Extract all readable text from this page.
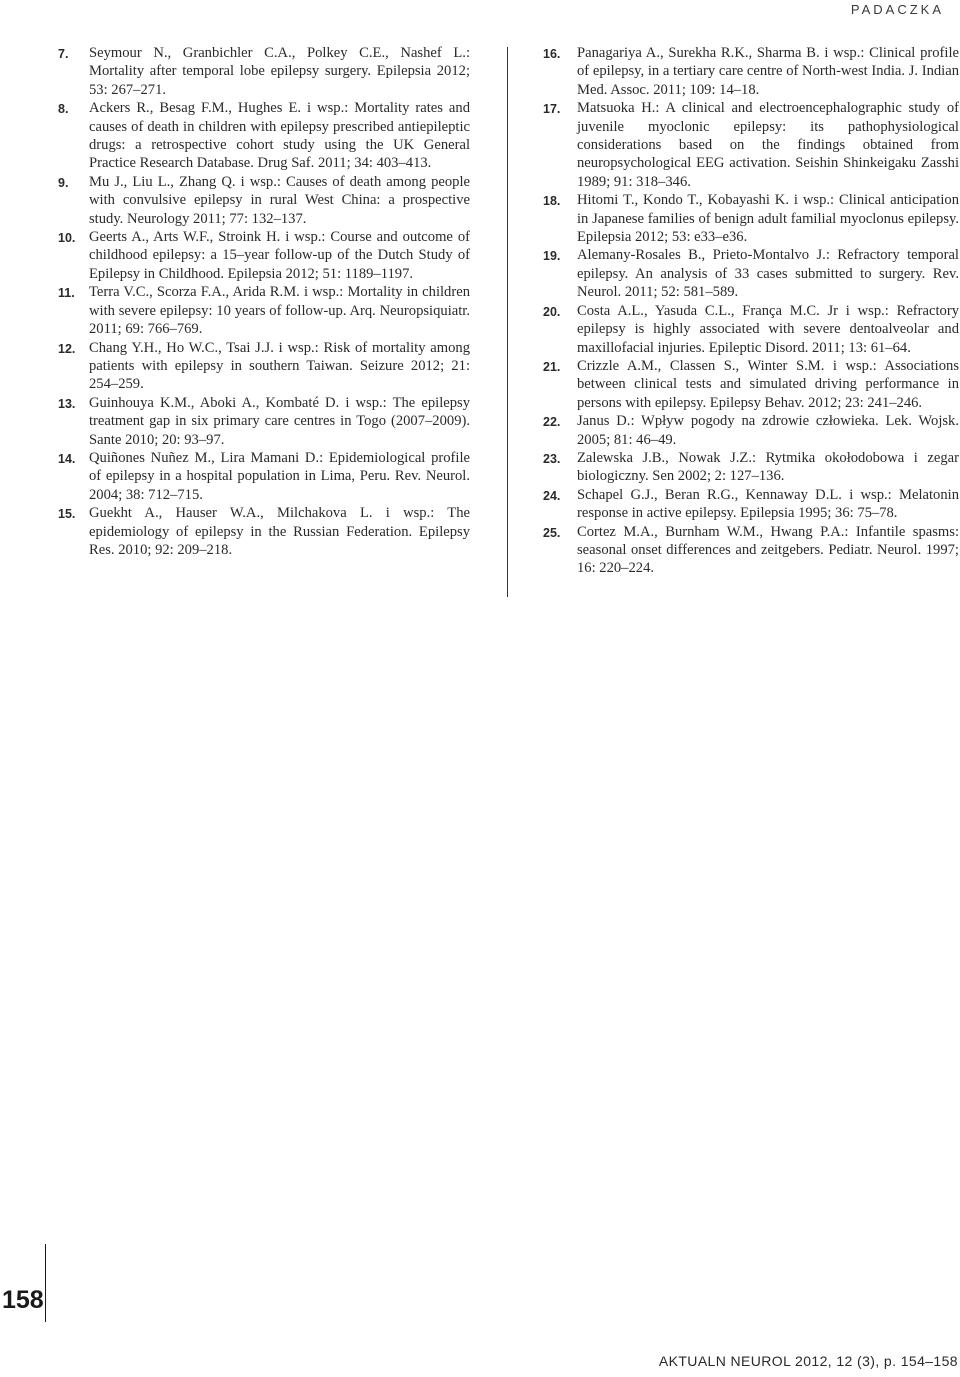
PADACZKA
7.	Seymour N., Granbichler C.A., Polkey C.E., Nashef L.: Mortality after temporal lobe epilepsy surgery. Epilepsia 2012; 53: 267–271.
8.	Ackers R., Besag F.M., Hughes E. i wsp.: Mortality rates and causes of death in children with epilepsy prescribed antiepileptic drugs: a retrospective cohort study using the UK General Practice Research Database. Drug Saf. 2011; 34: 403–413.
9.	Mu J., Liu L., Zhang Q. i wsp.: Causes of death among people with convulsive epilepsy in rural West China: a prospective study. Neurology 2011; 77: 132–137.
10. Geerts A., Arts W.F., Stroink H. i wsp.: Course and outcome of childhood epilepsy: a 15–year follow-up of the Dutch Study of Epilepsy in Childhood. Epilepsia 2012; 51: 1189–1197.
11. Terra V.C., Scorza F.A., Arida R.M. i wsp.: Mortality in children with severe epilepsy: 10 years of follow-up. Arq. Neuropsiquiatr. 2011; 69: 766–769.
12. Chang Y.H., Ho W.C., Tsai J.J. i wsp.: Risk of mortality among patients with epilepsy in southern Taiwan. Seizure 2012; 21: 254–259.
13. Guinhouya K.M., Aboki A., Kombaté D. i wsp.: The epilepsy treatment gap in six primary care centres in Togo (2007–2009). Sante 2010; 20: 93–97.
14. Quiñones Nuñez M., Lira Mamani D.: Epidemiological profile of epilepsy in a hospital population in Lima, Peru. Rev. Neurol. 2004; 38: 712–715.
15. Guekht A., Hauser W.A., Milchakova L. i wsp.: The epidemiology of epilepsy in the Russian Federation. Epilepsy Res. 2010; 92: 209–218.
16.	Panagariya A., Surekha R.K., Sharma B. i wsp.: Clinical profile of epilepsy, in a tertiary care centre of North-west India. J. Indian Med. Assoc. 2011; 109: 14–18.
17.	Matsuoka H.: A clinical and electroencephalographic study of juvenile myoclonic epilepsy: its pathophysiological considerations based on the findings obtained from neuropsychological EEG activation. Seishin Shinkeigaku Zasshi 1989; 91: 318–346.
18.	Hitomi T., Kondo T., Kobayashi K. i wsp.: Clinical anticipation in Japanese families of benign adult familial myoclonus epilepsy. Epilepsia 2012; 53: e33–e36.
19.	Alemany-Rosales B., Prieto-Montalvo J.: Refractory temporal epilepsy. An analysis of 33 cases submitted to surgery. Rev. Neurol. 2011; 52: 581–589.
20.	Costa A.L., Yasuda C.L., França M.C. Jr i wsp.: Refractory epilepsy is highly associated with severe dentoalveolar and maxillofacial injuries. Epileptic Disord. 2011; 13: 61–64.
21.	Crizzle A.M., Classen S., Winter S.M. i wsp.: Associations between clinical tests and simulated driving performance in persons with epilepsy. Epilepsy Behav. 2012; 23: 241–246.
22.	Janus D.: Wpływ pogody na zdrowie człowieka. Lek. Wojsk. 2005; 81: 46–49.
23.	Zalewska J.B., Nowak J.Z.: Rytmika okołodobowa i zegar biologiczny. Sen 2002; 2: 127–136.
24.	Schapel G.J., Beran R.G., Kennaway D.L. i wsp.: Melatonin response in active epilepsy. Epilepsia 1995; 36: 75–78.
25.	Cortez M.A., Burnham W.M., Hwang P.A.: Infantile spasms: seasonal onset differences and zeitgebers. Pediatr. Neurol. 1997; 16: 220–224.
158
AKTUALN NEUROL 2012, 12 (3), p. 154–158
